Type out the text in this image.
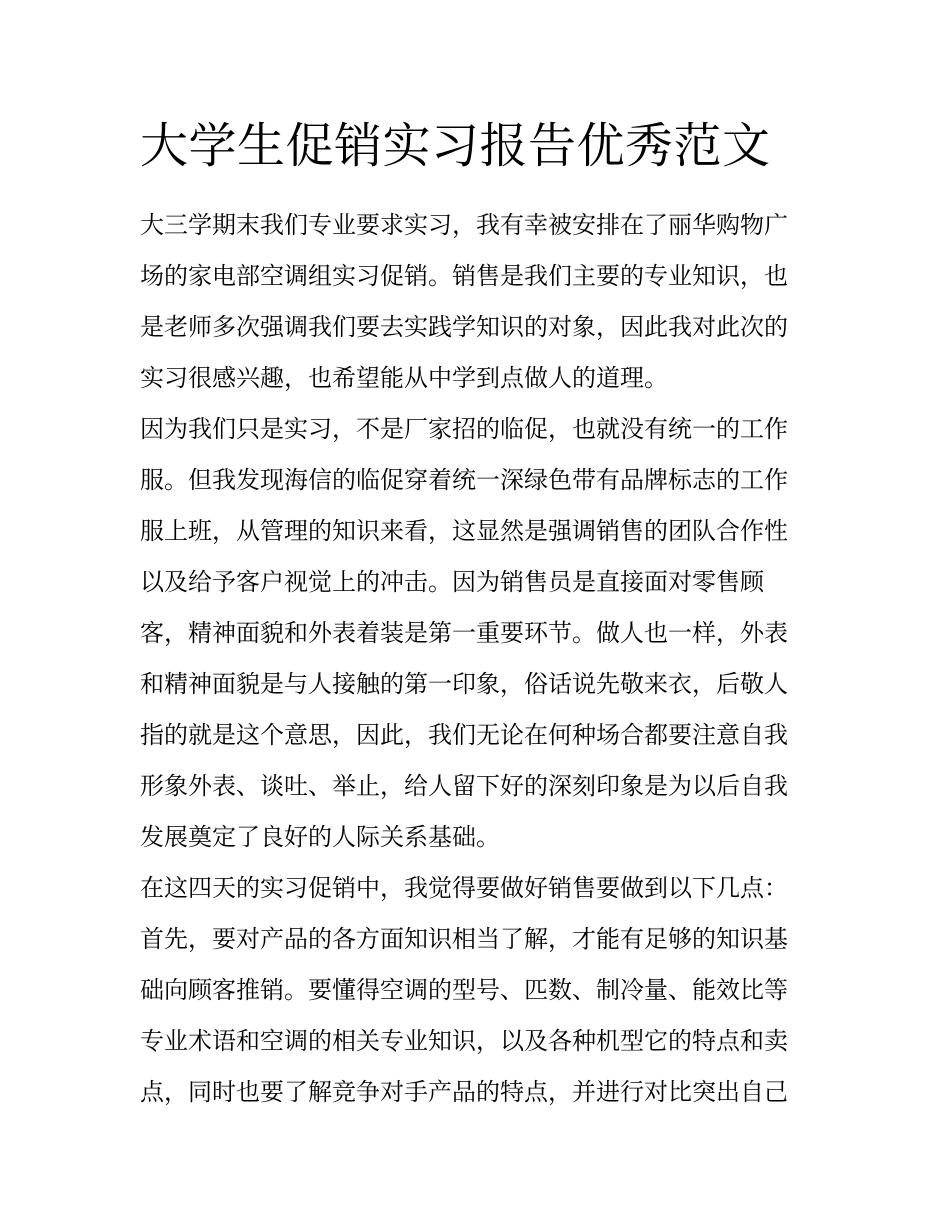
大学生促销实习报告优秀范文
大三学期末我们专业要求实习，我有幸被安排在了丽华购物广
场的家电部空调组实习促销。销售是我们主要的专业知识，也
是老师多次强调我们要去实践学知识的对象，因此我对此次的
实习很感兴趣，也希望能从中学到点做人的道理。
因为我们只是实习，不是厂家招的临促，也就没有统一的工作
服。但我发现海信的临促穿着统一深绿色带有品牌标志的工作
服上班，从管理的知识来看，这显然是强调销售的团队合作性
以及给予客户视觉上的冲击。因为销售员是直接面对零售顾
客，精神面貌和外表着装是第一重要环节。做人也一样，外表
和精神面貌是与人接触的第一印象，俗话说先敬来衣，后敬人
指的就是这个意思，因此，我们无论在何种场合都要注意自我
形象外表、谈吐、举止，给人留下好的深刻印象是为以后自我
发展奠定了良好的人际关系基础。
在这四天的实习促销中，我觉得要做好销售要做到以下几点：
首先，要对产品的各方面知识相当了解，才能有足够的知识基
础向顾客推销。要懂得空调的型号、匹数、制冷量、能效比等
专业术语和空调的相关专业知识，以及各种机型它的特点和卖
点，同时也要了解竞争对手产品的特点，并进行对比突出自己
